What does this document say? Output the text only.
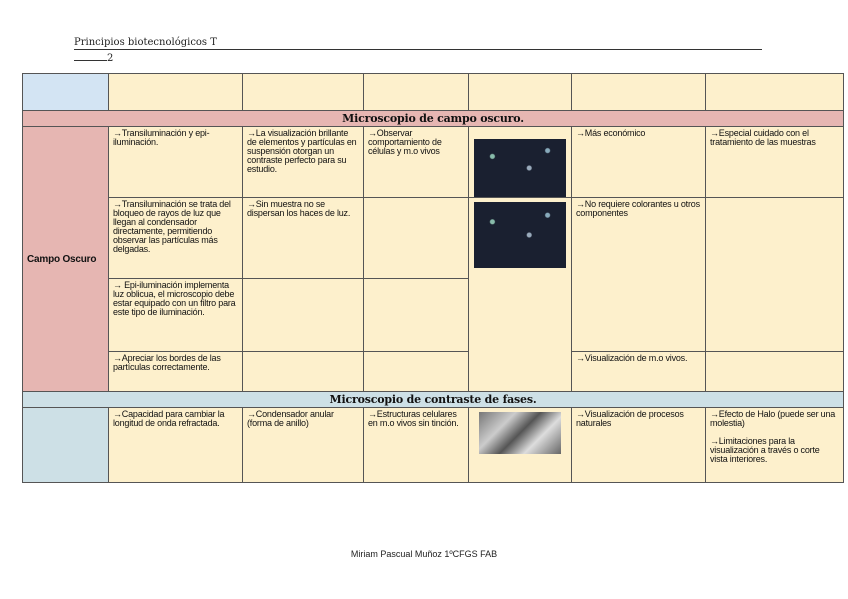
Principios biotecnológicos T
2

Microscopio de campo oscuro.						
Campo Oscuro	→Transiluminación y epi-iluminación.	→La visualización brillante de elementos y partículas en suspensión otorgan un contraste perfecto para su estudio.	→Observar comportamiento de células y m.o vivos		→Más económico	→Especial cuidado con el tratamiento de las muestras
	→Transiluminación se trata del bloqueo de rayos de luz que llegan al condensador directamente, permitiendo observar las partículas más delgadas.	→Sin muestra no se dispersan los haces de luz.			→No requiere colorantes u otros componentes	
	→ Epi-iluminación implementa luz oblicua, el microscopio debe estar equipado con un filtro para este tipo de iluminación.					
	→Apreciar los bordes de las partículas correctamente.				→Visualización de m.o vivos.	
Microscopio de contraste de fases.						
	→Capacidad para cambiar la longitud de onda refractada.	→Condensador anular (forma de anillo)	→Estructuras celulares en m.o vivos sin tinción.		→Visualización de procesos naturales	→Efecto de Halo (puede ser una molestia)
→Limitaciones para la visualización a través o corte vista interiores.
Miriam Pascual Muñoz 1ºCFGS FAB
